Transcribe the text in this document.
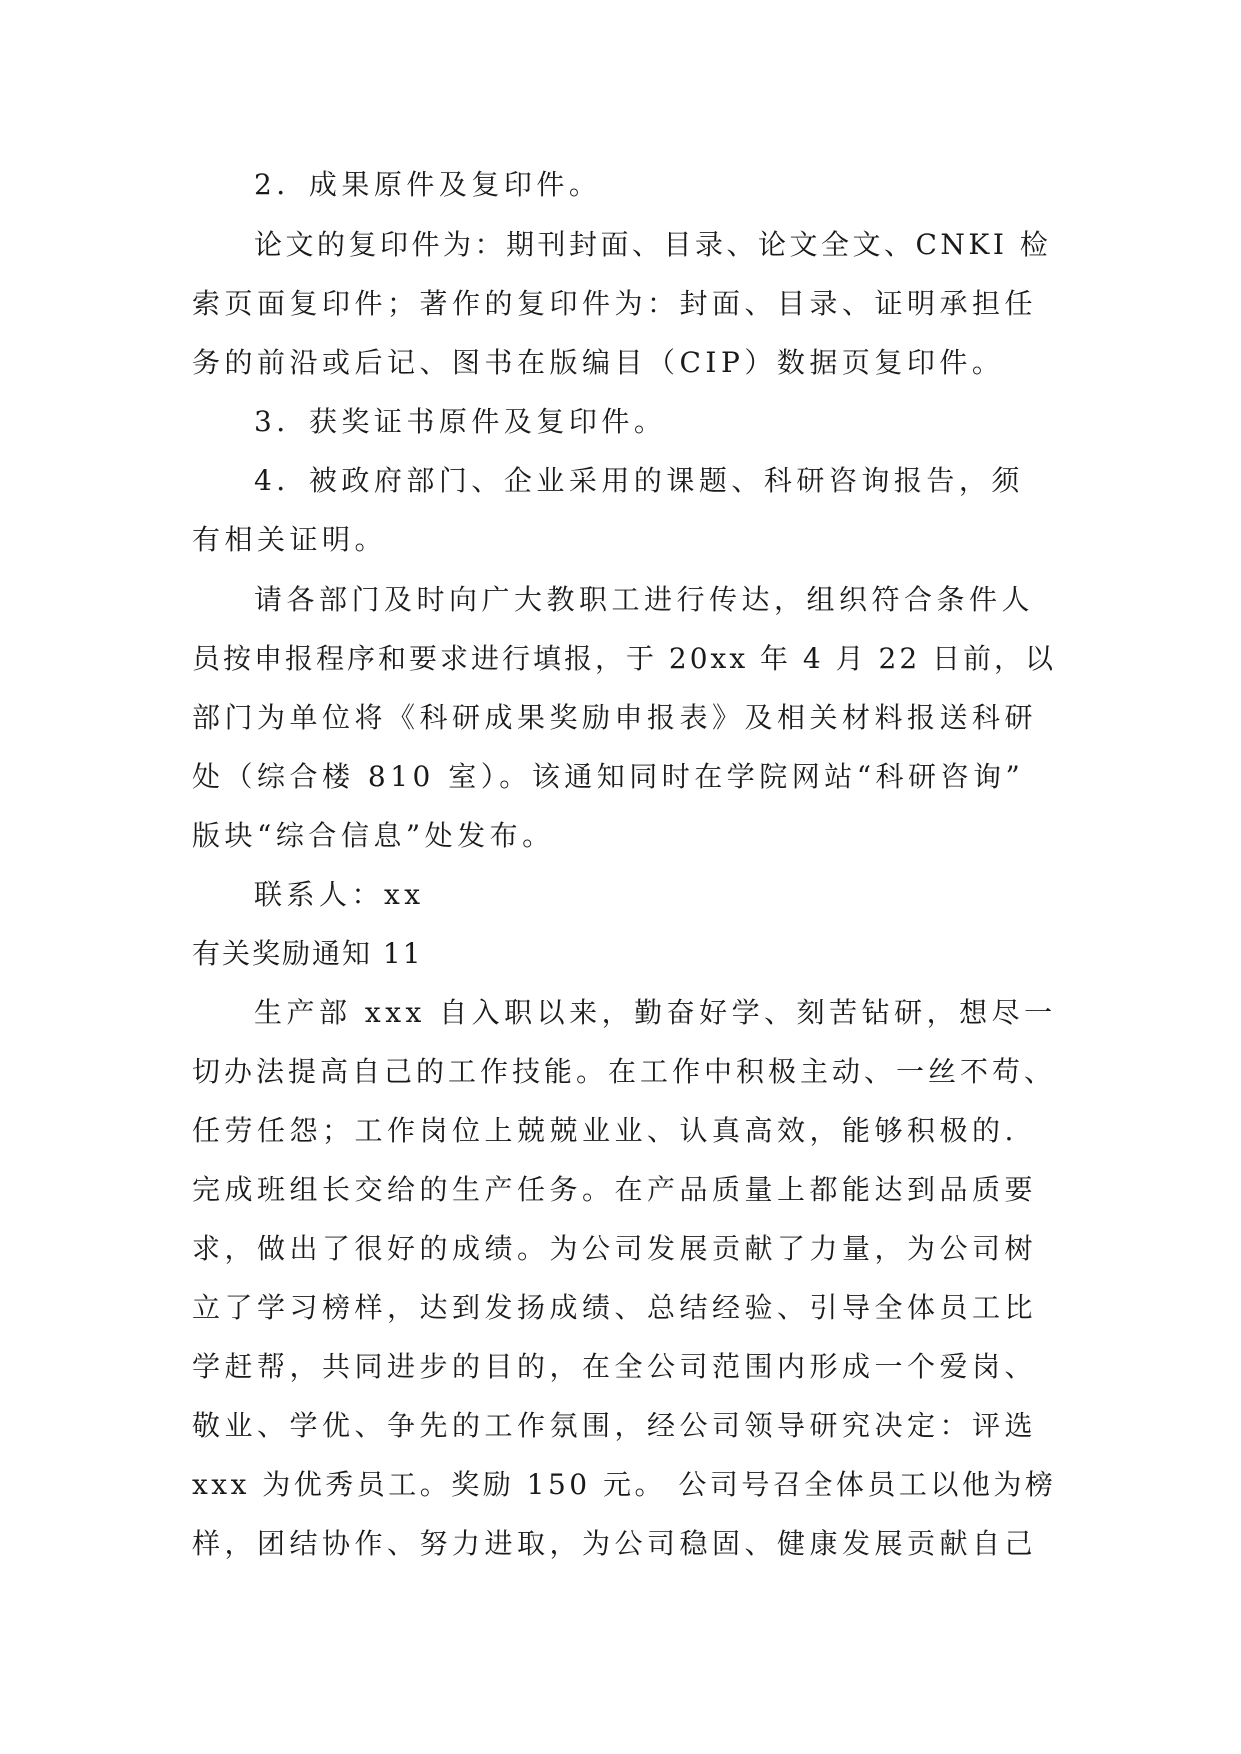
2．成果原件及复印件。
论文的复印件为：期刊封面、目录、论文全文、CNKI 检
索页面复印件；著作的复印件为：封面、目录、证明承担任
务的前沿或后记、图书在版编目（CIP）数据页复印件。
3．获奖证书原件及复印件。
4．被政府部门、企业采用的课题、科研咨询报告，须
有相关证明。
请各部门及时向广大教职工进行传达，组织符合条件人
员按申报程序和要求进行填报，于 20xx 年 4 月 22 日前，以
部门为单位将《科研成果奖励申报表》及相关材料报送科研
处（综合楼 810 室）。该通知同时在学院网站“科研咨询”
版块“综合信息”处发布。
联系人：xx
有关奖励通知 11
生产部 xxx 自入职以来，勤奋好学、刻苦钻研，想尽一
切办法提高自己的工作技能。在工作中积极主动、一丝不苟、
任劳任怨；工作岗位上兢兢业业、认真高效，能够积极的.
完成班组长交给的生产任务。在产品质量上都能达到品质要
求，做出了很好的成绩。为公司发展贡献了力量，为公司树
立了学习榜样，达到发扬成绩、总结经验、引导全体员工比
学赶帮，共同进步的目的，在全公司范围内形成一个爱岗、
敬业、学优、争先的工作氛围，经公司领导研究决定：评选
xxx 为优秀员工。奖励 150 元。 公司号召全体员工以他为榜
样，团结协作、努力进取，为公司稳固、健康发展贡献自己
